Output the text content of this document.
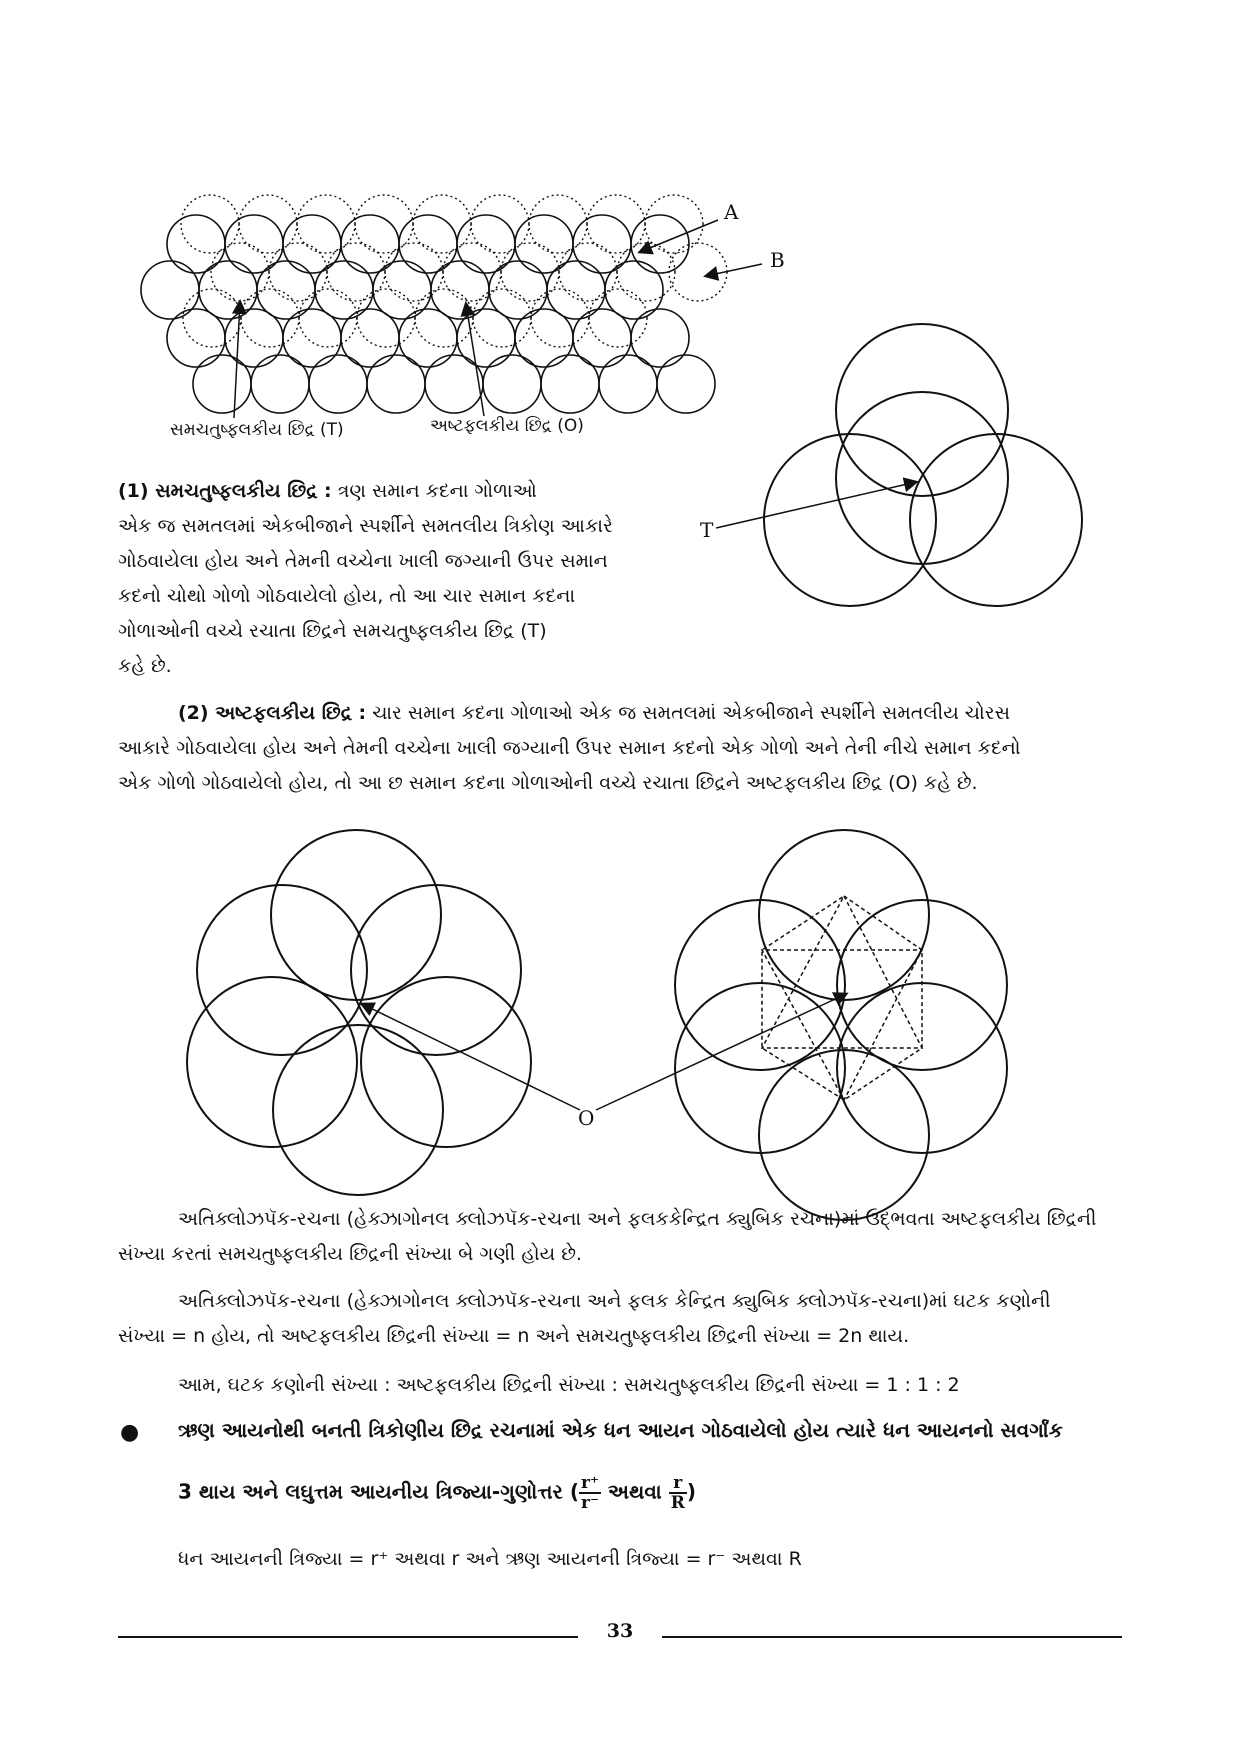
A
B
સમચતુષ્ફલકીય છિદ્ર (T)	અષ્ટફલકીય છિદ્ર (O)
T
(1) સમચતુષ્ફલકીય છિદ્ર : ત્રણ સમાન કદના ગોળાઓ
એક જ સમતલમાં એકબીજાને સ્પર્શીને સમતલીય ત્રિકોણ આકારે
ગોઠવાયેલા હોય અને તેમની વચ્ચેના ખાલી જગ્યાની ઉપર સમાન
કદનો ચોથો ગોળો ગોઠવાયેલો હોય, તો આ ચાર સમાન કદના
ગોળાઓની વચ્ચે રચાતા છિદ્રને સમચતુષ્ફલકીય છિદ્ર (T)
કહે છે.
(2) અષ્ટફલકીય છિદ્ર : ચાર સમાન કદના ગોળાઓ એક જ સમતલમાં એકબીજાને સ્પર્શીને સમતલીય ચોરસ
આકારે ગોઠવાયેલા હોય અને તેમની વચ્ચેના ખાલી જગ્યાની ઉપર સમાન કદનો એક ગોળો અને તેની નીચે સમાન કદનો
એક ગોળો ગોઠવાયેલો હોય, તો આ છ સમાન કદના ગોળાઓની વચ્ચે રચાતા છિદ્રને અષ્ટફલકીય છિદ્ર (O) કહે છે.
O
અતિક્લોઝપૅક-રચના (હેક્ઝાગોનલ ક્લોઝપૅક-રચના અને ફલકકેન્દ્રિત ક્યુબિક રચના)માં ઉદ્ભવતા અષ્ટફલકીય છિદ્રની
સંખ્યા કરતાં સમચતુષ્ફલકીય છિદ્રની સંખ્યા બે ગણી હોય છે.
અતિક્લોઝપૅક-રચના (હેક્ઝાગોનલ ક્લોઝપૅક-રચના અને ફલક કેન્દ્રિત ક્યુબિક ક્લોઝપૅક-રચના)માં ઘટક કણોની
સંખ્યા = n હોય, તો અષ્ટફલકીય છિદ્રની સંખ્યા = n અને સમચતુષ્ફલકીય છિદ્રની સંખ્યા = 2n થાય.
આમ, ઘટક કણોની સંખ્યા : અષ્ટફલકીય છિદ્રની સંખ્યા : સમચતુષ્ફલકીય છિદ્રની સંખ્યા = 1 : 1 : 2
● ઋણ આયનોથી બનતી ત્રિકોણીય છિદ્ર રચનામાં એક ધન આયન ગોઠવાયેલો હોય ત્યારે ધન આયનનો સવર્ગાંક
3 થાય અને લઘુત્તમ આયનીય ત્રિજ્યા-ગુણોત્તર ( $\frac{r^+}{r^-}$ અથવા $\frac{r}{R}$ )
ધન આયનની ત્રિજ્યા = r⁺ અથવા r અને ઋણ આયનની ત્રિજ્યા = r⁻ અથવા R
33
